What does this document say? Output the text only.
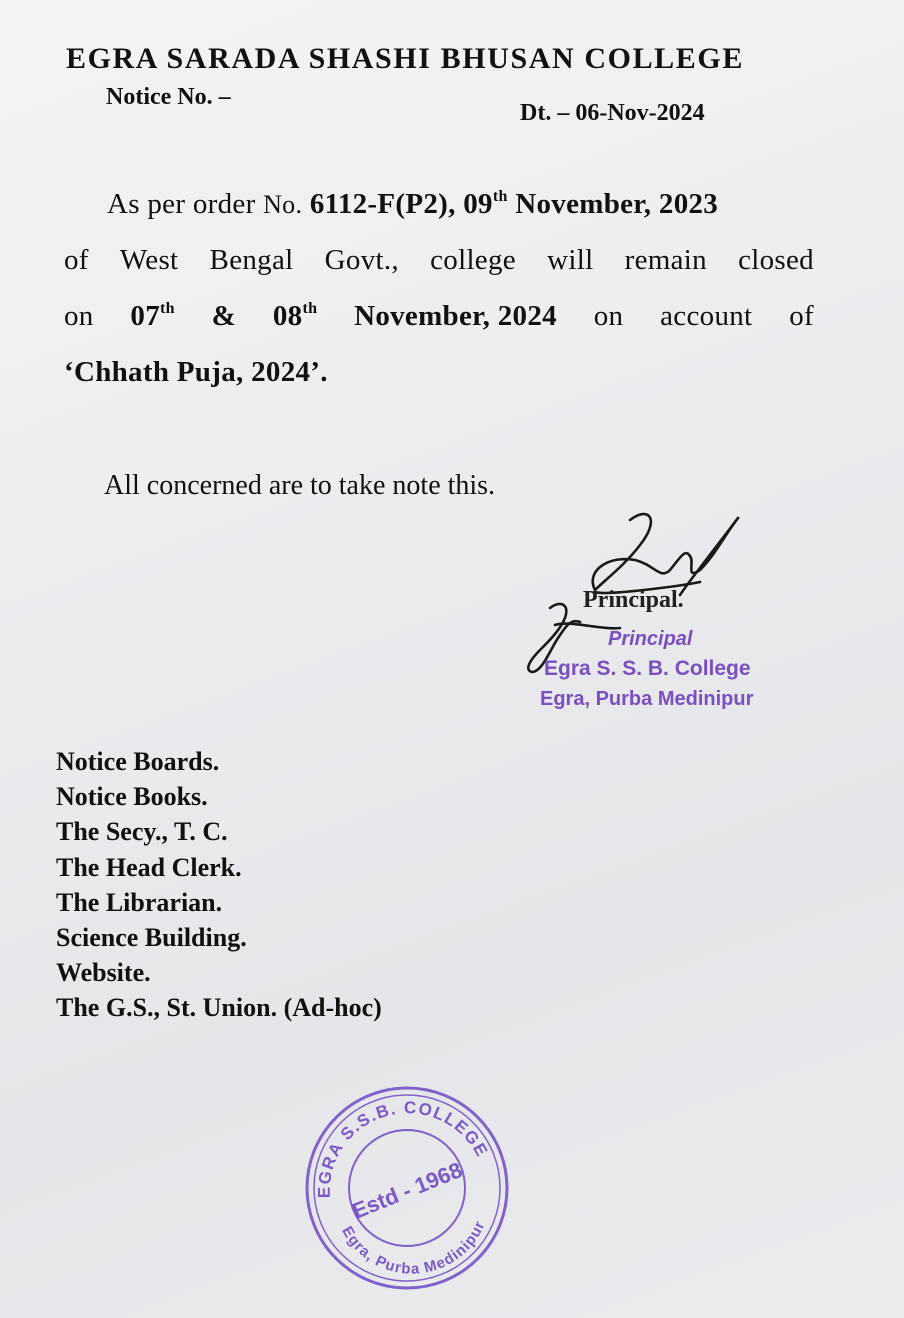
EGRA SARADA SHASHI BHUSAN COLLEGE
Notice No. –
Dt. – 06-Nov-2024
As per order No. 6112-F(P2), 09th November, 2023
of West Bengal Govt., college will remain closed
on 07th & 08th November, 2024 on account of
‘Chhath Puja, 2024’.
All concerned are to take note this.
Principal.
Principal
Egra S. S. B. College
Egra, Purba Medinipur
Notice Boards.
Notice Books.
The Secy., T. C.
The Head Clerk.
The Librarian.
Science Building.
Website.
The G.S., St. Union. (Ad-hoc)
EGRA S.S.B. COLLEGE
Egra, Purba Medinipur
Estd - 1968
